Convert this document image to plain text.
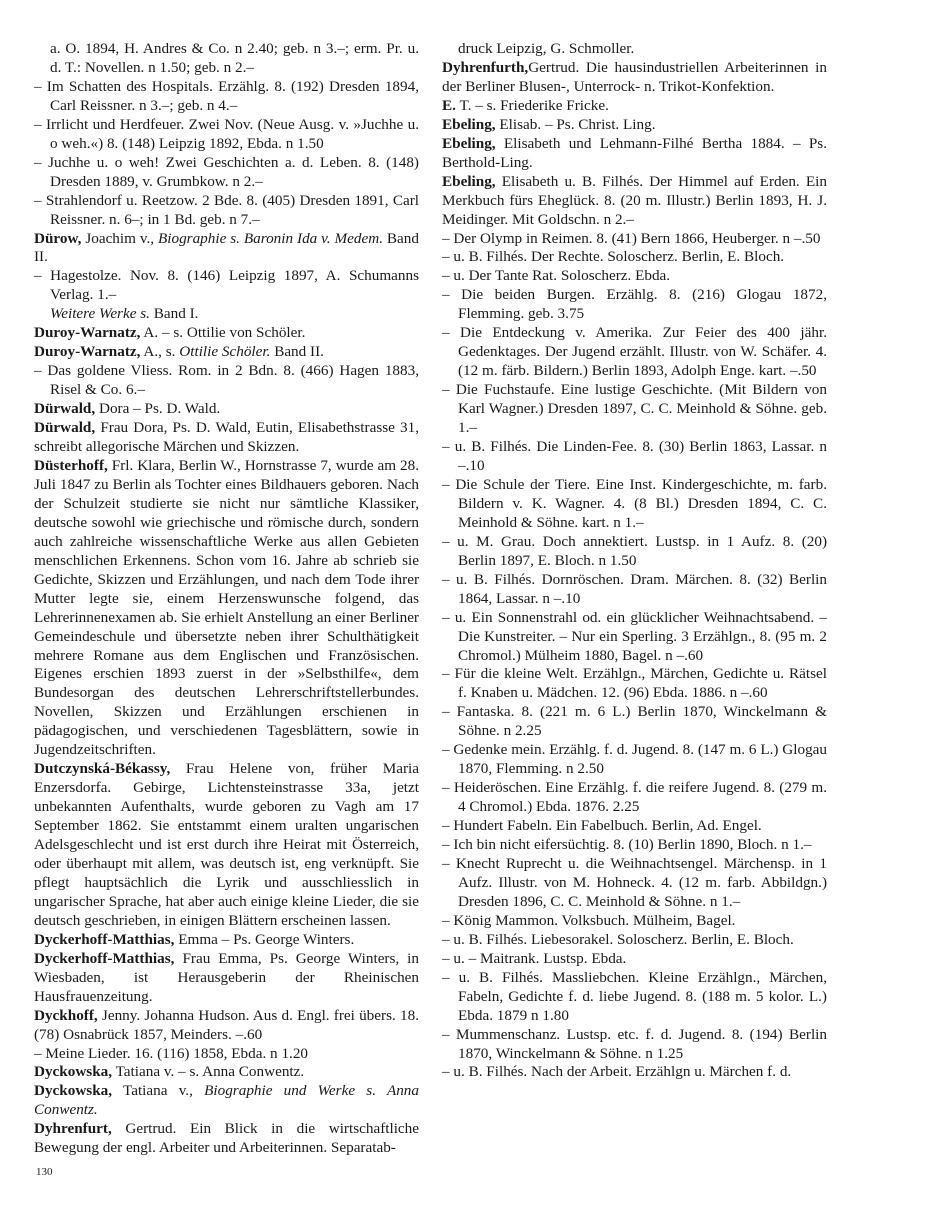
a. O. 1894, H. Andres & Co. n 2.40; geb. n 3.–; erm. Pr. u. d. T.: Novellen. n 1.50; geb. n 2.–

– Im Schatten des Hospitals. Erzählg. 8. (192) Dresden 1894, Carl Reissner. n 3.–; geb. n 4.–

– Irrlicht und Herdfeuer. Zwei Nov. (Neue Ausg. v. »Juchhe u. o weh.«) 8. (148) Leipzig 1892, Ebda. n 1.50

– Juchhe u. o weh! Zwei Geschichten a. d. Leben. 8. (148) Dresden 1889, v. Grumbkow. n 2.–

– Strahlendorf u. Reetzow. 2 Bde. 8. (405) Dresden 1891, Carl Reissner. n. 6–; in 1 Bd. geb. n 7.–

Dürow, Joachim v., Biographie s. Baronin Ida v. Medem. Band II.

– Hagestolze. Nov. 8. (146) Leipzig 1897, A. Schumanns Verlag. 1.–

Weitere Werke s. Band I.

Duroy-Warnatz, A. – s. Ottilie von Schöler.

Duroy-Warnatz, A., s. Ottilie Schöler. Band II.

– Das goldene Vliess. Rom. in 2 Bdn. 8. (466) Hagen 1883, Risel & Co. 6.–

Dürwald, Dora – Ps. D. Wald.

Dürwald, Frau Dora, Ps. D. Wald, Eutin, Elisabethstrasse 31, schreibt allegorische Märchen und Skizzen.

Düsterhoff, Frl. Klara, Berlin W., Hornstrasse 7, wurde am 28. Juli 1847 zu Berlin als Tochter eines Bildhauers geboren. Nach der Schulzeit studierte sie nicht nur sämtliche Klassiker, deutsche sowohl wie griechische und römische durch, sondern auch zahlreiche wissenschaftliche Werke aus allen Gebieten menschlichen Erkennens. Schon vom 16. Jahre ab schrieb sie Gedichte, Skizzen und Erzählungen, und nach dem Tode ihrer Mutter legte sie, einem Herzenswunsche folgend, das Lehrerinnenexamen ab. Sie erhielt Anstellung an einer Berliner Gemeindeschule und übersetzte neben ihrer Schulthätigkeit mehrere Romane aus dem Englischen und Französischen. Eigenes erschien 1893 zuerst in der »Selbsthilfe«, dem Bundesorgan des deutschen Lehrerschriftstellerbundes. Novellen, Skizzen und Erzählungen erschienen in pädagogischen, und verschiedenen Tagesblättern, sowie in Jugendzeitschriften.

Dutczynská-Békassy, Frau Helene von, früher Maria Enzersdorfa. Gebirge, Lichtensteinstrasse 33a, jetzt unbekannten Aufenthalts, wurde geboren zu Vagh am 17 September 1862. Sie entstammt einem uralten ungarischen Adelsgeschlecht und ist erst durch ihre Heirat mit Österreich, oder überhaupt mit allem, was deutsch ist, eng verknüpft. Sie pflegt hauptsächlich die Lyrik und ausschliesslich in ungarischer Sprache, hat aber auch einige kleine Lieder, die sie deutsch geschrieben, in einigen Blättern erscheinen lassen.

Dyckerhoff-Matthias, Emma – Ps. George Winters.

Dyckerhoff-Matthias, Frau Emma, Ps. George Winters, in Wiesbaden, ist Herausgeberin der Rheinischen Hausfrauenzeitung.

Dyckhoff, Jenny. Johanna Hudson. Aus d. Engl. frei übers. 18. (78) Osnabrück 1857, Meinders. –.60

– Meine Lieder. 16. (116) 1858, Ebda. n 1.20

Dyckowska, Tatiana v. – s. Anna Conwentz.

Dyckowska, Tatiana v., Biographie und Werke s. Anna Conwentz.

Dyhrenfurt, Gertrud. Ein Blick in die wirtschaftliche Bewegung der engl. Arbeiter und Arbeiterinnen. Separatab-

druck Leipzig, G. Schmoller.

Dyhrenfurth,Gertrud. Die hausindustriellen Arbeiterinnen in der Berliner Blusen-, Unterrock- n. Trikot-Konfektion.

E. T. – s. Friederike Fricke.

Ebeling, Elisab. – Ps. Christ. Ling.

Ebeling, Elisabeth und Lehmann-Filhé Bertha 1884. – Ps. Berthold-Ling.

Ebeling, Elisabeth u. B. Filhés. Der Himmel auf Erden. Ein Merkbuch fürs Eheglück. 8. (20 m. Illustr.) Berlin 1893, H. J. Meidinger. Mit Goldschn. n 2.–

– Der Olymp in Reimen. 8. (41) Bern 1866, Heuberger. n –.50

– u. B. Filhés. Der Rechte. Soloscherz. Berlin, E. Bloch.

– u. Der Tante Rat. Soloscherz. Ebda.

– Die beiden Burgen. Erzählg. 8. (216) Glogau 1872, Flemming. geb. 3.75

– Die Entdeckung v. Amerika. Zur Feier des 400 jähr. Gedenktages. Der Jugend erzählt. Illustr. von W. Schäfer. 4. (12 m. färb. Bildern.) Berlin 1893, Adolph Enge. kart. –.50

– Die Fuchstaufe. Eine lustige Geschichte. (Mit Bildern von Karl Wagner.) Dresden 1897, C. C. Meinhold & Söhne. geb. 1.–

– u. B. Filhés. Die Linden-Fee. 8. (30) Berlin 1863, Lassar. n –.10

– Die Schule der Tiere. Eine Inst. Kindergeschichte, m. farb. Bildern v. K. Wagner. 4. (8 Bl.) Dresden 1894, C. C. Meinhold & Söhne. kart. n 1.–

– u. M. Grau. Doch annektiert. Lustsp. in 1 Aufz. 8. (20) Berlin 1897, E. Bloch. n 1.50

– u. B. Filhés. Dornröschen. Dram. Märchen. 8. (32) Berlin 1864, Lassar. n –.10

– u. Ein Sonnenstrahl od. ein glücklicher Weihnachtsabend. – Die Kunstreiter. – Nur ein Sperling. 3 Erzählgn., 8. (95 m. 2 Chromol.) Mülheim 1880, Bagel. n –.60

– Für die kleine Welt. Erzählgn., Märchen, Gedichte u. Rätsel f. Knaben u. Mädchen. 12. (96) Ebda. 1886. n –.60

– Fantaska. 8. (221 m. 6 L.) Berlin 1870, Winckelmann & Söhne. n 2.25

– Gedenke mein. Erzählg. f. d. Jugend. 8. (147 m. 6 L.) Glogau 1870, Flemming. n 2.50

– Heideröschen. Eine Erzählg. f. die reifere Jugend. 8. (279 m. 4 Chromol.) Ebda. 1876. 2.25

– Hundert Fabeln. Ein Fabelbuch. Berlin, Ad. Engel.

– Ich bin nicht eifersüchtig. 8. (10) Berlin 1890, Bloch. n 1.–

– Knecht Ruprecht u. die Weihnachtsengel. Märchensp. in 1 Aufz. Illustr. von M. Hohneck. 4. (12 m. farb. Abbildgn.) Dresden 1896, C. C. Meinhold & Söhne. n 1.–

– König Mammon. Volksbuch. Mülheim, Bagel.

– u. B. Filhés. Liebesorakel. Soloscherz. Berlin, E. Bloch.

– u. – Maitrank. Lustsp. Ebda.

– u. B. Filhés. Massliebchen. Kleine Erzählgn., Märchen, Fabeln, Gedichte f. d. liebe Jugend. 8. (188 m. 5 kolor. L.) Ebda. 1879 n 1.80

– Mummenschanz. Lustsp. etc. f. d. Jugend. 8. (194) Berlin 1870, Winckelmann & Söhne. n 1.25

– u. B. Filhés. Nach der Arbeit. Erzählgn u. Märchen f. d.

130
